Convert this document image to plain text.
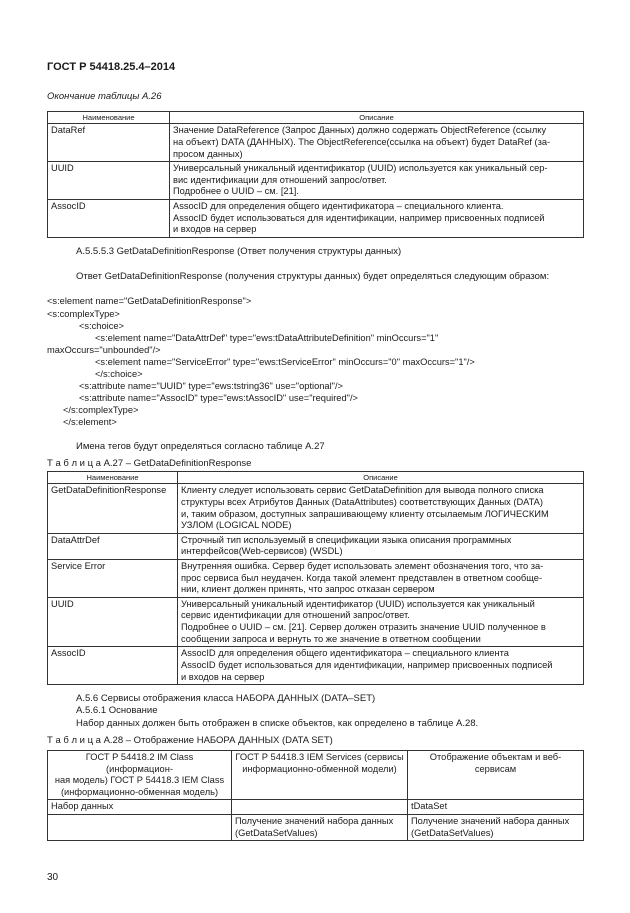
ГОСТ Р 54418.25.4–2014
Окончание таблицы А.26
Наименование	Описание
DataRef	Значение DataReference (Запрос Данных) должно содержать ObjectReference (ссылку
на объект) DATA (ДАННЫХ). The ObjectReference(ссылка на объект) будет DataRef (за-
просом данных)

UUID	Универсальный уникальный идентификатор (UUID) используется как уникальный сер-
вис идентификации для отношений запрос/ответ.
Подробнее о UUID – см. [21].

AssocID	AssocID для определения общего идентификатора – специального клиента.
AssocID будет использоваться для идентификации, например присвоенных подписей
и входов на сервер
А.5.5.5.3 GetDataDefinitionResponse (Ответ получения структуры данных)
Ответ GetDataDefinitionResponse (получения структуры данных) будет определяться следующим образом:
<s:element name="GetDataDefinitionResponse">
<s:complexType>
<s:choice>
<s:element name="DataAttrDef" type="ews:tDataAttributeDefinition" minOccurs="1"
maxOccurs="unbounded"/>
<s:element name="ServiceError" type="ews:tServiceError" minOccurs="0" maxOccurs="1"/>
</s:choice>
<s:attribute name="UUID" type="ews:tstring36" use="optional"/>
<s:attribute name="AssocID" type="ews:tAssocID" use="required"/>
</s:complexType>
</s:element>
Имена тегов будут определяться согласно таблице А.27
Т а б л и ц а А.27 – GetDataDefinitionResponse
Наименование	Описание
GetDataDefinitionResponse	Клиенту следует использовать сервис GetDataDefinition для вывода полного списка
структуры всех Атрибутов Данных (DataAttributes) соответствующих Данных (DATA)
и, таким образом, доступных запрашивающему клиенту отсылаемым ЛОГИЧЕСКИМ
УЗЛОМ (LOGICAL NODE)

DataAttrDef	Строчный тип используемый в спецификации языка описания программных
интерфейсов(Web-сервисов) (WSDL)

Service Error	Внутренняя ошибка. Сервер будет использовать элемент обозначения того, что за-
прос сервиса был неудачен. Когда такой элемент представлен в ответном сообще-
нии, клиент должен принять, что запрос отказан сервером

UUID	Универсальный уникальный идентификатор (UUID) используется как уникальный
сервис идентификации для отношений запрос/ответ.
Подробнее о UUID – см. [21]. Сервер должен отразить значение UUID полученное в
сообщении запроса и вернуть то же значение в ответном сообщении

AssocID	AssocID для определения общего идентификатора – специального клиента
AssocID будет использоваться для идентификации, например присвоенных подписей
и входов на сервер
А.5.6 Сервисы отображения класса НАБОРА ДАННЫХ (DATA–SET)
А.5.6.1 Основание
Набор данных должен быть отображен в списке объектов, как определено в таблице А.28.
Т а б л и ц а А.28 – Отображение НАБОРА ДАННЫХ (DATA SET)
ГОСТ Р 54418.2 IM Class (информацион-
ная модель) ГОСТ Р 54418.3 IEM Class
(информационно-обменная модель)	ГОСТ Р 54418.3 IEM Services (сервисы
информационно-обменной модели)	Отображение объектам и веб-сервисам
Набор данных		tDataSet

	Получение значений набора данных
(GetDataSetValues)	Получение значений набора данных
(GetDataSetValues)
30
